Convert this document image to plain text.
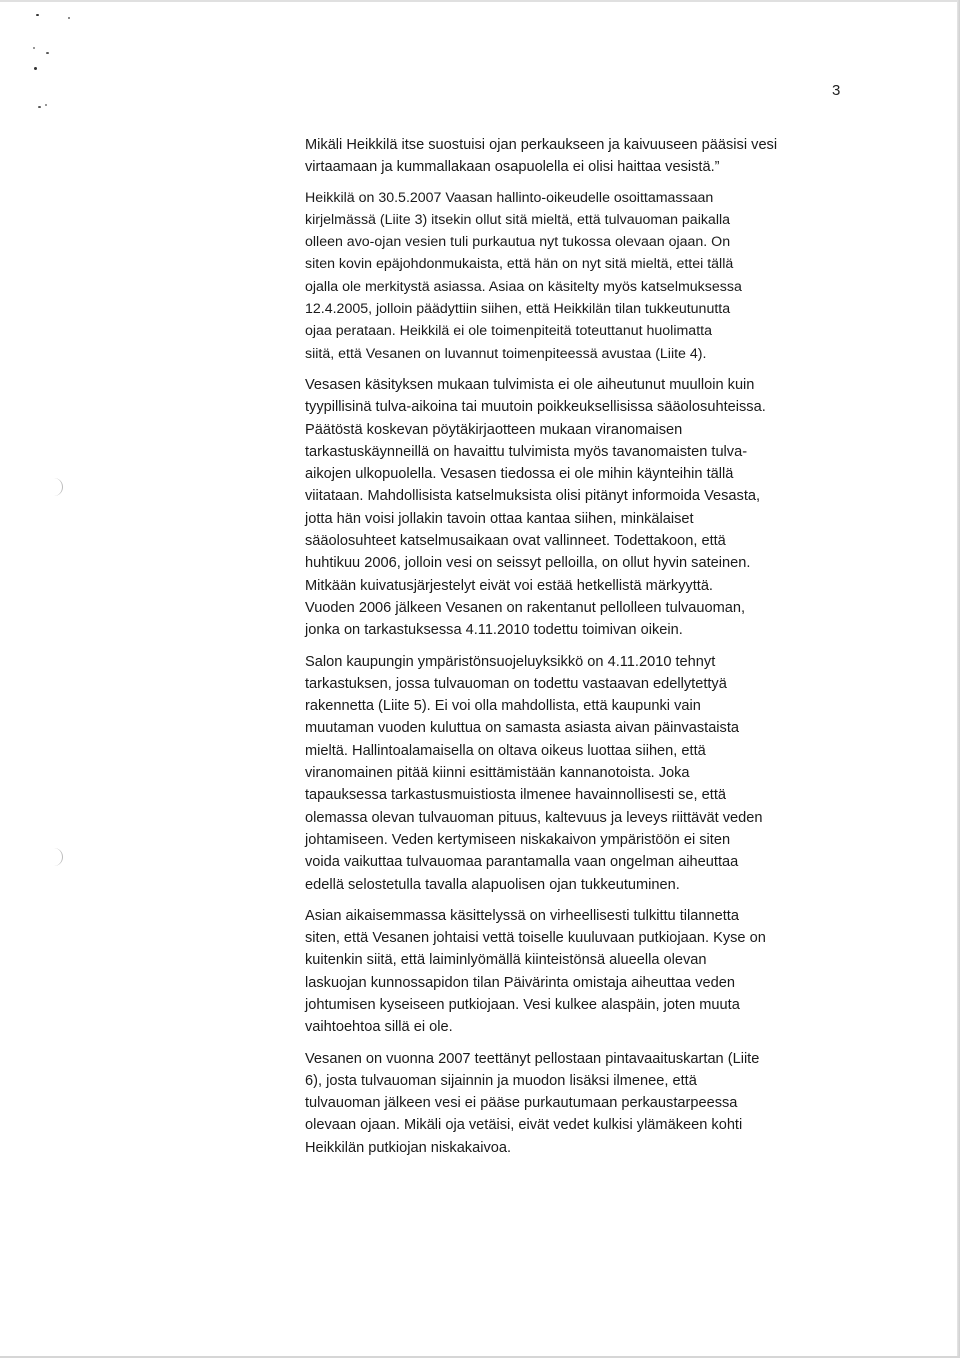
3

Mikäli Heikkilä itse suostuisi ojan perkaukseen ja kaivuuseen pääsisi vesi
virtaamaan ja kummallakaan osapuolella ei olisi haittaa vesistä.”

Heikkilä on 30.5.2007 Vaasan hallinto-oikeudelle osoittamassaan
kirjelmässä (Liite 3) itsekin ollut sitä mieltä, että tulvauoman paikalla
olleen avo-ojan vesien tuli purkautua nyt tukossa olevaan ojaan. On
siten kovin epäjohdonmukaista, että hän on nyt sitä mieltä, ettei tällä
ojalla ole merkitystä asiassa. Asiaa on käsitelty myös katselmuksessa
12.4.2005, jolloin päädyttiin siihen, että Heikkilän tilan tukkeutunutta
ojaa perataan. Heikkilä ei ole toimenpiteitä toteuttanut huolimatta
siitä, että Vesanen on luvannut toimenpiteessä avustaa (Liite 4).

Vesasen käsityksen mukaan tulvimista ei ole aiheutunut muulloin kuin
tyypillisinä tulva-aikoina tai muutoin poikkeuksellisissa sääolosuhteissa.
Päätöstä koskevan pöytäkirjaotteen mukaan viranomaisen
tarkastuskäynneillä on havaittu tulvimista myös tavanomaisten tulva-
aikojen ulkopuolella. Vesasen tiedossa ei ole mihin käynteihin tällä
viitataan. Mahdollisista katselmuksista olisi pitänyt informoida Vesasta,
jotta hän voisi jollakin tavoin ottaa kantaa siihen, minkälaiset
sääolosuhteet katselmusaikaan ovat vallinneet. Todettakoon, että
huhtikuu 2006, jolloin vesi on seissyt pelloilla, on ollut hyvin sateinen.
Mitkään kuivatusjärjestelyt eivät voi estää hetkellistä märkyyttä.
Vuoden 2006 jälkeen Vesanen on rakentanut pellolleen tulvauoman,
jonka on tarkastuksessa 4.11.2010 todettu toimivan oikein.

Salon kaupungin ympäristönsuojeluyksikkö on 4.11.2010 tehnyt
tarkastuksen, jossa tulvauoman on todettu vastaavan edellytettyä
rakennetta (Liite 5). Ei voi olla mahdollista, että kaupunki vain
muutaman vuoden kuluttua on samasta asiasta aivan päinvastaista
mieltä. Hallintoalamaisella on oltava oikeus luottaa siihen, että
viranomainen pitää kiinni esittämistään kannanotoista. Joka
tapauksessa tarkastusmuistiosta ilmenee havainnollisesti se, että
olemassa olevan tulvauoman pituus, kaltevuus ja leveys riittävät veden
johtamiseen. Veden kertymiseen niskakaivon ympäristöön ei siten
voida vaikuttaa tulvauomaa parantamalla vaan ongelman aiheuttaa
edellä selostetulla tavalla alapuolisen ojan tukkeutuminen.

Asian aikaisemmassa käsittelyssä on virheellisesti tulkittu tilannetta
siten, että Vesanen johtaisi vettä toiselle kuuluvaan putkiojaan. Kyse on
kuitenkin siitä, että laiminlyömällä kiinteistönsä alueella olevan
laskuojan kunnossapidon tilan Päivärinta omistaja aiheuttaa veden
johtumisen kyseiseen putkiojaan. Vesi kulkee alaspäin, joten muuta
vaihtoehtoa sillä ei ole.

Vesanen on vuonna 2007 teettänyt pellostaan pintavaaituskartan (Liite
6), josta tulvauoman sijainnin ja muodon lisäksi ilmenee, että
tulvauoman jälkeen vesi ei pääse purkautumaan perkaustarpeessa
olevaan ojaan. Mikäli oja vetäisi, eivät vedet kulkisi ylämäkeen kohti
Heikkilän putkiojan niskakaivoa.
